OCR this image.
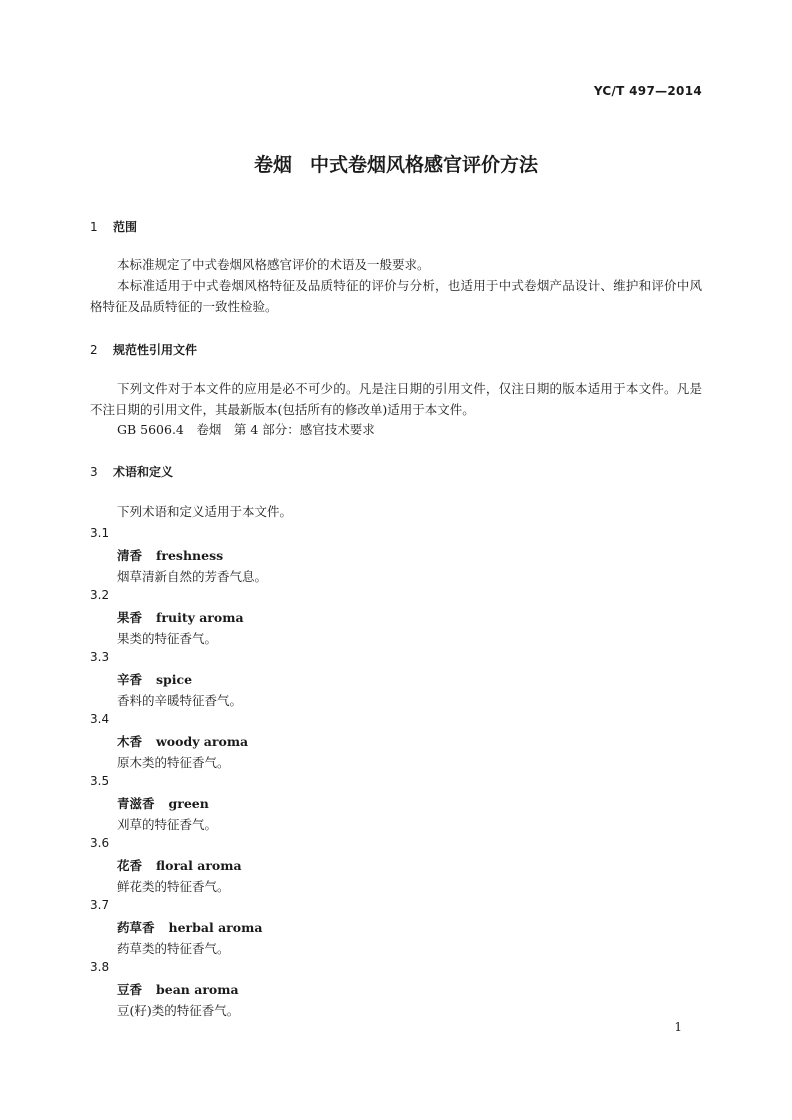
YC/T 497—2014
卷烟 中式卷烟风格感官评价方法
1 范围
本标准规定了中式卷烟风格感官评价的术语及一般要求。
本标准适用于中式卷烟风格特征及品质特征的评价与分析，也适用于中式卷烟产品设计、维护和评价中风格特征及品质特征的一致性检验。
2 规范性引用文件
下列文件对于本文件的应用是必不可少的。凡是注日期的引用文件，仅注日期的版本适用于本文件。凡是不注日期的引用文件，其最新版本(包括所有的修改单)适用于本文件。
GB 5606.4　卷烟　第 4 部分：感官技术要求
3 术语和定义
下列术语和定义适用于本文件。
3.1
清香 freshness
烟草清新自然的芳香气息。
3.2
果香 fruity aroma
果类的特征香气。
3.3
辛香 spice
香料的辛暖特征香气。
3.4
木香 woody aroma
原木类的特征香气。
3.5
青滋香 green
刈草的特征香气。
3.6
花香 floral aroma
鲜花类的特征香气。
3.7
药草香 herbal aroma
药草类的特征香气。
3.8
豆香 bean aroma
豆(籽)类的特征香气。
1
